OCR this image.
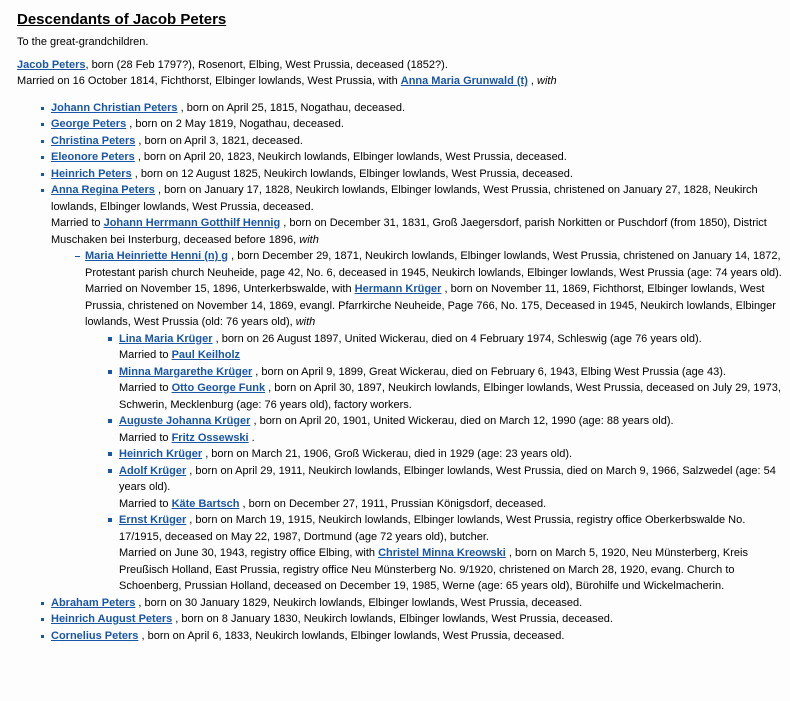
Descendants of Jacob Peters

To the great-grandchildren.

Jacob Peters, born (28 Feb 1797?), Rosenort, Elbing, West Prussia, deceased (1852?).

Married on 16 October 1814, Fichthorst, Elbinger lowlands, West Prussia, with Anna Maria Grunwald (t) , with

Johann Christian Peters , born on April 25, 1815, Nogathau, deceased.
George Peters , born on 2 May 1819, Nogathau, deceased.
Christina Peters , born on April 3, 1821, deceased.
Eleonore Peters , born on April 20, 1823, Neukirch lowlands, Elbinger lowlands, West Prussia, deceased.
Heinrich Peters , born on 12 August 1825, Neukirch lowlands, Elbinger lowlands, West Prussia, deceased.
Anna Regina Peters , born on January 17, 1828, Neukirch lowlands, Elbinger lowlands, West Prussia, christened on January 27, 1828, Neukirch lowlands, Elbinger lowlands, West Prussia, deceased.

Married to Johann Herrmann Gotthilf Hennig , born on December 31, 1831, Groß Jaegersdorf, parish Norkitten or Puschdorf (from 1850), District Muschaken bei Insterburg, deceased before 1896, with

Maria Heinriette Henni (n) g , born December 29, 1871, Neukirch lowlands, Elbinger lowlands, West Prussia, christened on January 14, 1872, Protestant parish church Neuheide, page 42, No. 6, deceased in 1945, Neukirch lowlands, Elbinger lowlands, West Prussia (age: 74 years old).

Married on November 15, 1896, Unterkerbswalde, with Hermann Krüger , born on November 11, 1869, Fichthorst, Elbinger lowlands, West Prussia, christened on November 14, 1869, evangl. Pfarrkirche Neuheide, Page 766, No. 175, Deceased in 1945, Neukirch lowlands, Elbinger lowlands, West Prussia (old: 76 years old), with

Lina Maria Krüger , born on 26 August 1897, United Wickerau, died on 4 February 1974, Schleswig (age 76 years old).

Married to Paul Keilholz

Minna Margarethe Krüger , born on April 9, 1899, Great Wickerau, died on February 6, 1943, Elbing West Prussia (age 43).

Married to Otto George Funk , born on April 30, 1897, Neukirch lowlands, Elbinger lowlands, West Prussia, deceased on July 29, 1973, Schwerin, Mecklenburg (age: 76 years old), factory workers.

Auguste Johanna Krüger , born on April 20, 1901, United Wickerau, died on March 12, 1990 (age: 88 years old).

Married to Fritz Ossewski .

Heinrich Krüger , born on March 21, 1906, Groß Wickerau, died in 1929 (age: 23 years old).
Adolf Krüger , born on April 29, 1911, Neukirch lowlands, Elbinger lowlands, West Prussia, died on March 9, 1966, Salzwedel (age: 54 years old).

Married to Käte Bartsch , born on December 27, 1911, Prussian Königsdorf, deceased.

Ernst Krüger , born on March 19, 1915, Neukirch lowlands, Elbinger lowlands, West Prussia, registry office Oberkerbswalde No. 17/1915, deceased on May 22, 1987, Dortmund (age 72 years old), butcher.

Married on June 30, 1943, registry office Elbing, with Christel Minna Kreowski , born on March 5, 1920, Neu Münsterberg, Kreis Preußisch Holland, East Prussia, registry office Neu Münsterberg No. 9/1920, christened on March 28, 1920, evang. Church to Schoenberg, Prussian Holland, deceased on December 19, 1985, Werne (age: 65 years old), Bürohilfe und Wickelmacherin.

Abraham Peters , born on 30 January 1829, Neukirch lowlands, Elbinger lowlands, West Prussia, deceased.
Heinrich August Peters , born on 8 January 1830, Neukirch lowlands, Elbinger lowlands, West Prussia, deceased.
Cornelius Peters , born on April 6, 1833, Neukirch lowlands, Elbinger lowlands, West Prussia, deceased.
